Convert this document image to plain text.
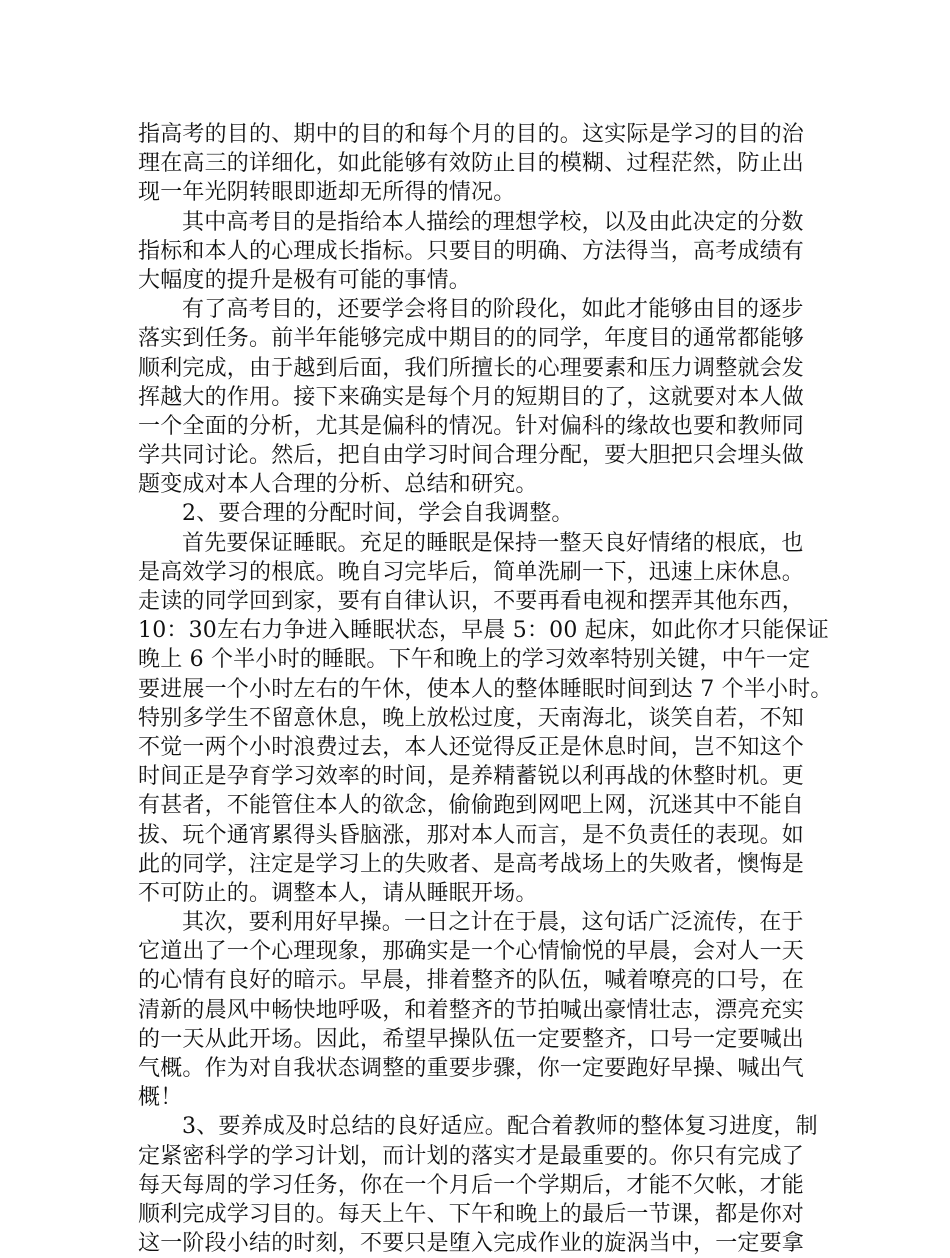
指高考的目的、期中的目的和每个月的目的。这实际是学习的目的治
理在高三的详细化，如此能够有效防止目的模糊、过程茫然，防止出
现一年光阴转眼即逝却无所得的情况。
其中高考目的是指给本人描绘的理想学校，以及由此决定的分数
指标和本人的心理成长指标。只要目的明确、方法得当，高考成绩有
大幅度的提升是极有可能的事情。
有了高考目的，还要学会将目的阶段化，如此才能够由目的逐步
落实到任务。前半年能够完成中期目的的同学，年度目的通常都能够
顺利完成，由于越到后面，我们所擅长的心理要素和压力调整就会发
挥越大的作用。接下来确实是每个月的短期目的了，这就要对本人做
一个全面的分析，尤其是偏科的情况。针对偏科的缘故也要和教师同
学共同讨论。然后，把自由学习时间合理分配，要大胆把只会埋头做
题变成对本人合理的分析、总结和研究。
2、要合理的分配时间，学会自我调整。
首先要保证睡眠。充足的睡眠是保持一整天良好情绪的根底，也
是高效学习的根底。晚自习完毕后，简单洗刷一下，迅速上床休息。
走读的同学回到家，要有自律认识，不要再看电视和摆弄其他东西，
10：30左右力争进入睡眠状态，早晨 5：00 起床，如此你才只能保证
晚上 6 个半小时的睡眠。下午和晚上的学习效率特别关键，中午一定
要进展一个小时左右的午休，使本人的整体睡眠时间到达 7 个半小时。
特别多学生不留意休息，晚上放松过度，天南海北，谈笑自若，不知
不觉一两个小时浪费过去，本人还觉得反正是休息时间，岂不知这个
时间正是孕育学习效率的时间，是养精蓄锐以利再战的休整时机。更
有甚者，不能管住本人的欲念，偷偷跑到网吧上网，沉迷其中不能自
拔、玩个通宵累得头昏脑涨，那对本人而言，是不负责任的表现。如
此的同学，注定是学习上的失败者、是高考战场上的失败者，懊悔是
不可防止的。调整本人，请从睡眠开场。
其次，要利用好早操。一日之计在于晨，这句话广泛流传，在于
它道出了一个心理现象，那确实是一个心情愉悦的早晨，会对人一天
的心情有良好的暗示。早晨，排着整齐的队伍，喊着嘹亮的口号，在
清新的晨风中畅快地呼吸，和着整齐的节拍喊出豪情壮志，漂亮充实
的一天从此开场。因此，希望早操队伍一定要整齐，口号一定要喊出
气概。作为对自我状态调整的重要步骤，你一定要跑好早操、喊出气
概！
3、要养成及时总结的良好适应。配合着教师的整体复习进度，制
定紧密科学的学习计划，而计划的落实才是最重要的。你只有完成了
每天每周的学习任务，你在一个月后一个学期后，才能不欠帐，才能
顺利完成学习目的。每天上午、下午和晚上的最后一节课，都是你对
这一阶段小结的时刻，不要只是堕入完成作业的旋涡当中，一定要拿
